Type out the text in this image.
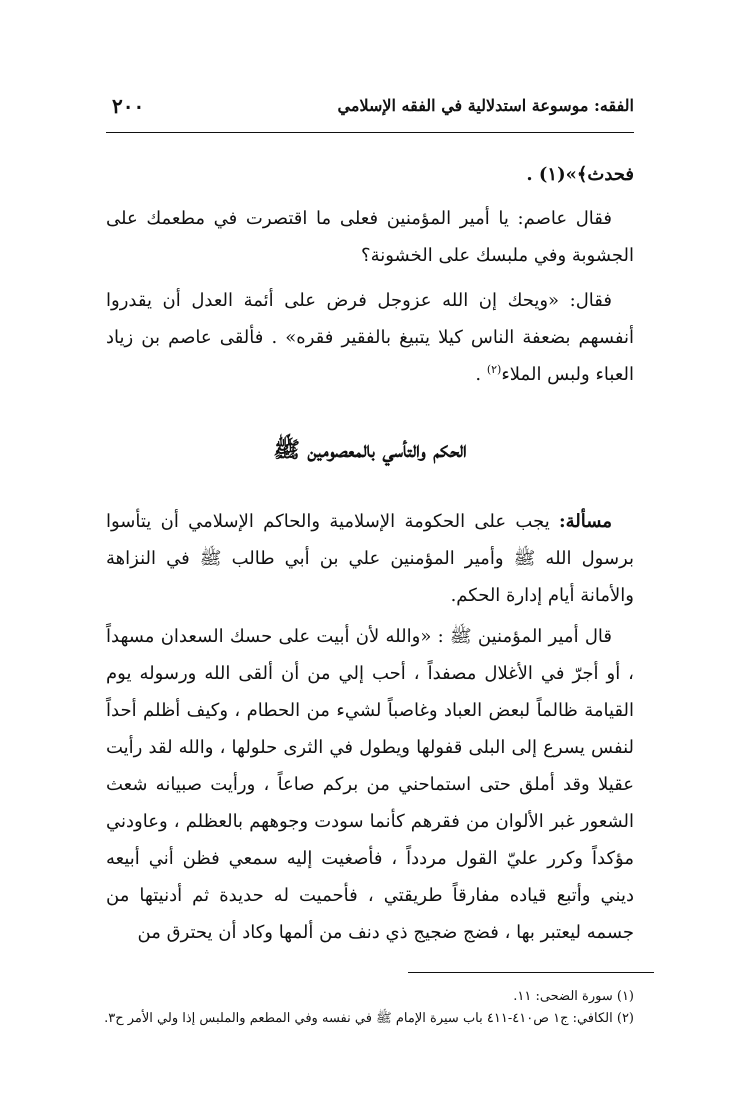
الفقه: موسوعة استدلالية في الفقه الإسلامي
٢٠٠
فحدث﴾»(١) .
فقال عاصم: يا أمير المؤمنين فعلى ما اقتصرت في مطعمك على الجشوبة وفي ملبسك على الخشونة؟
فقال: «ويحك إن الله عزوجل فرض على أئمة العدل أن يقدروا أنفسهم بضعفة الناس كيلا يتبيغ بالفقير فقره» . فألقى عاصم بن زياد العباء ولبس الملاء$^{(٢)}$ .
الحكم والتأسي بالمعصومين ﷺ
مسألة: يجب على الحكومة الإسلامية والحاكم الإسلامي أن يتأسوا برسول الله ﷺ وأمير المؤمنين علي بن أبي طالب ﷺ في النزاهة والأمانة أيام إدارة الحكم.
قال أمير المؤمنين ﷺ : «والله لأن أبيت على حسك السعدان مسهداً ، أو أجرّ في الأغلال مصفداً ، أحب إلي من أن ألقى الله ورسوله يوم القيامة ظالماً لبعض العباد وغاصباً لشيء من الحطام ، وكيف أظلم أحداً لنفس يسرع إلى البلى قفولها ويطول في الثرى حلولها ، والله لقد رأيت عقيلا وقد أملق حتى استماحني من بركم صاعاً ، ورأيت صبيانه شعث الشعور غبر الألوان من فقرهم كأنما سودت وجوههم بالعظلم ، وعاودني مؤكداً وكرر عليّ القول مردداً ، فأصغيت إليه سمعي فظن أني أبيعه ديني وأتبع قياده مفارقاً طريقتي ، فأحميت له حديدة ثم أدنيتها من جسمه ليعتبر بها ، فضج ضجيج ذي دنف من ألمها وكاد أن يحترق من
(١) سورة الضحى: ١١.
(٢) الكافي: ج١ ص٤١٠-٤١١ باب سيرة الإمام ﷺ في نفسه وفي المطعم والملبس إذا ولي الأمر ح٣.
